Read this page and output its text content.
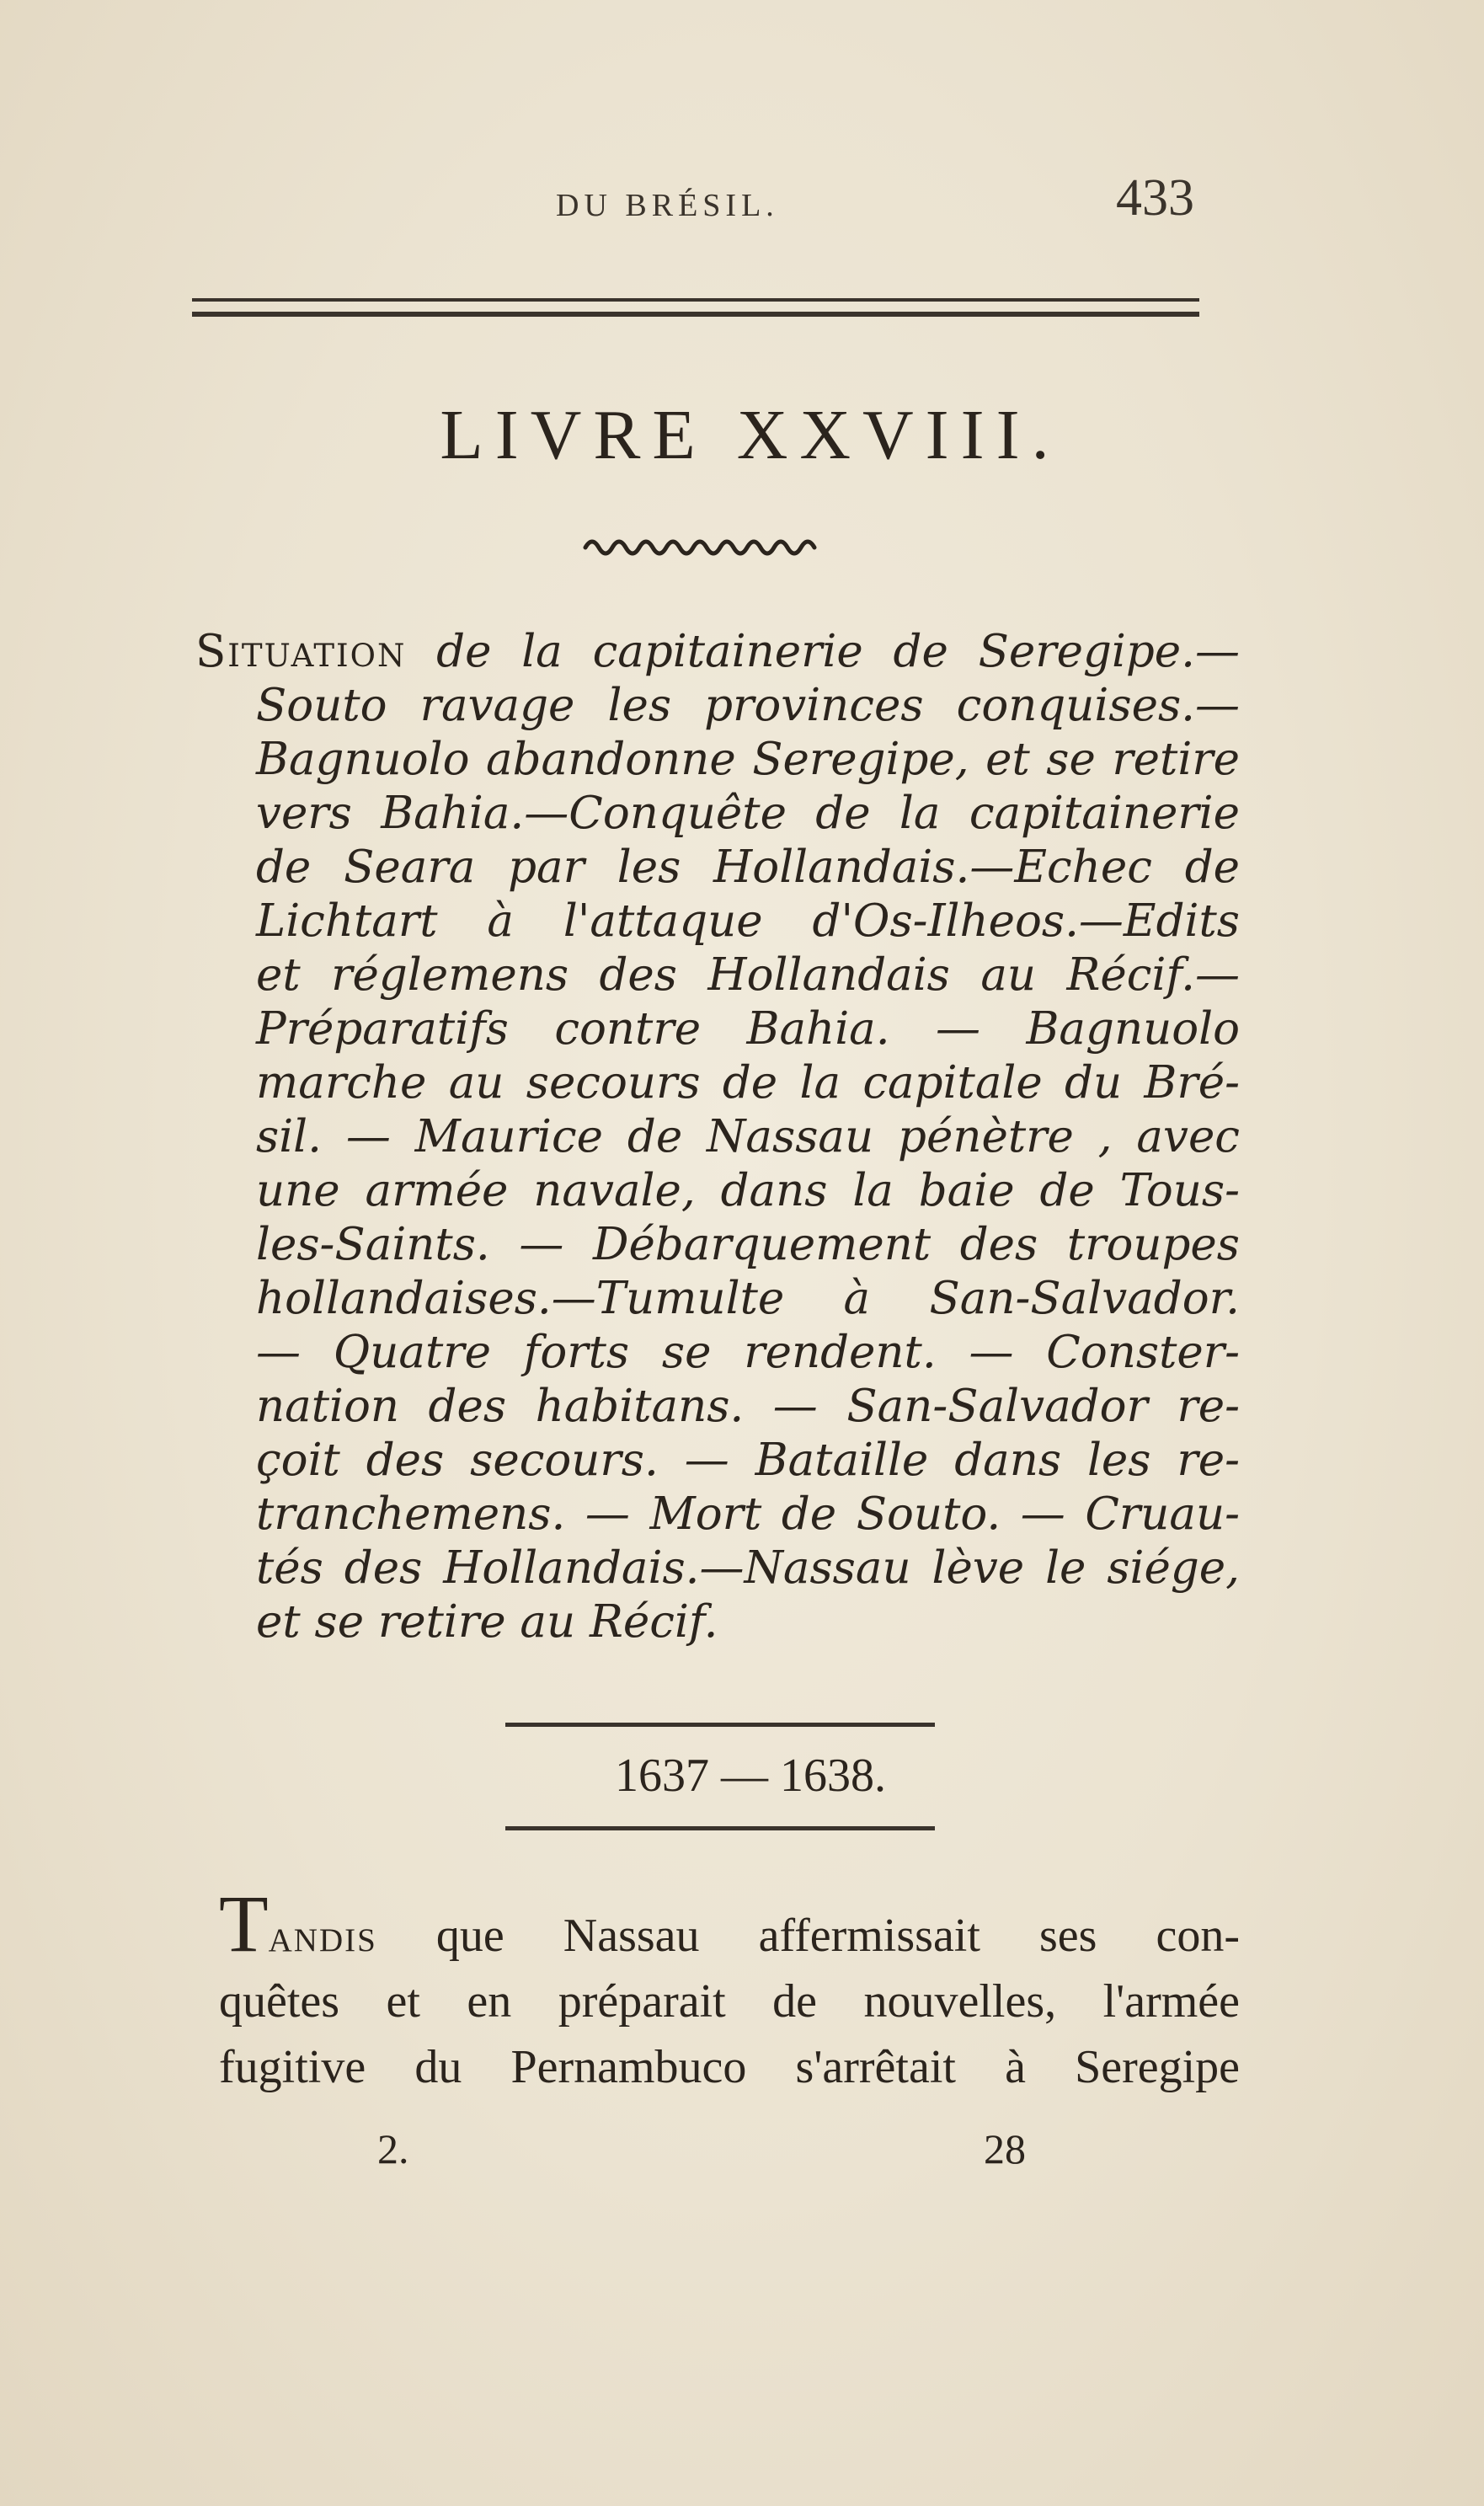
DU BRÉSIL.	433
LIVRE XXVIII.
Situation de la capitainerie de Seregipe.—
Souto ravage les provinces conquises.—
Bagnuolo abandonne Seregipe, et se retire
vers Bahia.—Conquête de la capitainerie
de Seara par les Hollandais.—Echec de
Lichtart à l'attaque d'Os-Ilheos.—Edits
et réglemens des Hollandais au Récif.—
Préparatifs contre Bahia. — Bagnuolo
marche au secours de la capitale du Bré-
sil. — Maurice de Nassau pénètre , avec
une armée navale, dans la baie de Tous-
les-Saints. — Débarquement des troupes
hollandaises.—Tumulte à San-Salvador.
— Quatre forts se rendent. — Conster-
nation des habitans. — San-Salvador re-
çoit des secours. — Bataille dans les re-
tranchemens. — Mort de Souto. — Cruau-
tés des Hollandais.—Nassau lève le siége,
et se retire au Récif.
1637 — 1638.
Tandis que Nassau affermissait ses con-
quêtes et en préparait de nouvelles, l'armée
fugitive du Pernambuco s'arrêtait à Seregipe
2.	28
